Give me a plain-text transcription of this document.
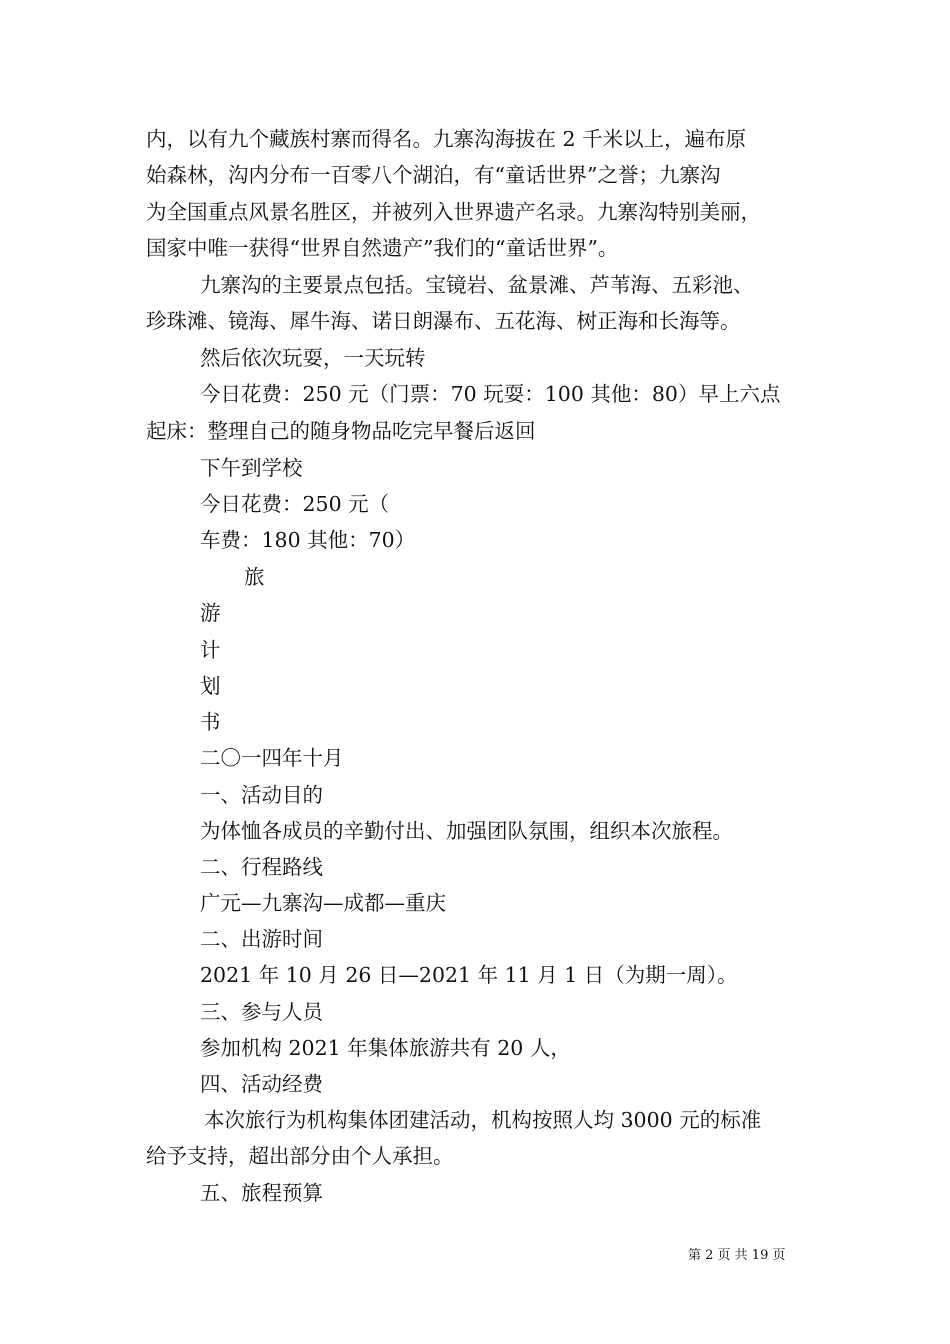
内，以有九个藏族村寨而得名。九寨沟海拔在 2 千米以上，遍布原
始森林，沟内分布一百零八个湖泊，有“童话世界”之誉；九寨沟
为全国重点风景名胜区，并被列入世界遗产名录。九寨沟特别美丽，
国家中唯一获得“世界自然遗产”我们的“童话世界”。
九寨沟的主要景点包括。宝镜岩、盆景滩、芦苇海、五彩池、
珍珠滩、镜海、犀牛海、诺日朗瀑布、五花海、树正海和长海等。
然后依次玩耍，一天玩转
今日花费：250 元（门票：70 玩耍：100 其他：80）早上六点
起床：整理自己的随身物品吃完早餐后返回
下午到学校
今日花费：250 元（
车费：180 其他：70）
旅
游
计
划
书
二〇一四年十月
一、活动目的
为体恤各成员的辛勤付出、加强团队氛围，组织本次旅程。
二、行程路线
广元—九寨沟—成都—重庆
二、出游时间
2021 年 10 月 26 日—2021 年 11 月 1 日（为期一周）。
三、参与人员
参加机构 2021 年集体旅游共有 20 人，
四、活动经费
本次旅行为机构集体团建活动，机构按照人均 3000 元的标准
给予支持，超出部分由个人承担。
五、旅程预算
第 2 页 共 19 页
